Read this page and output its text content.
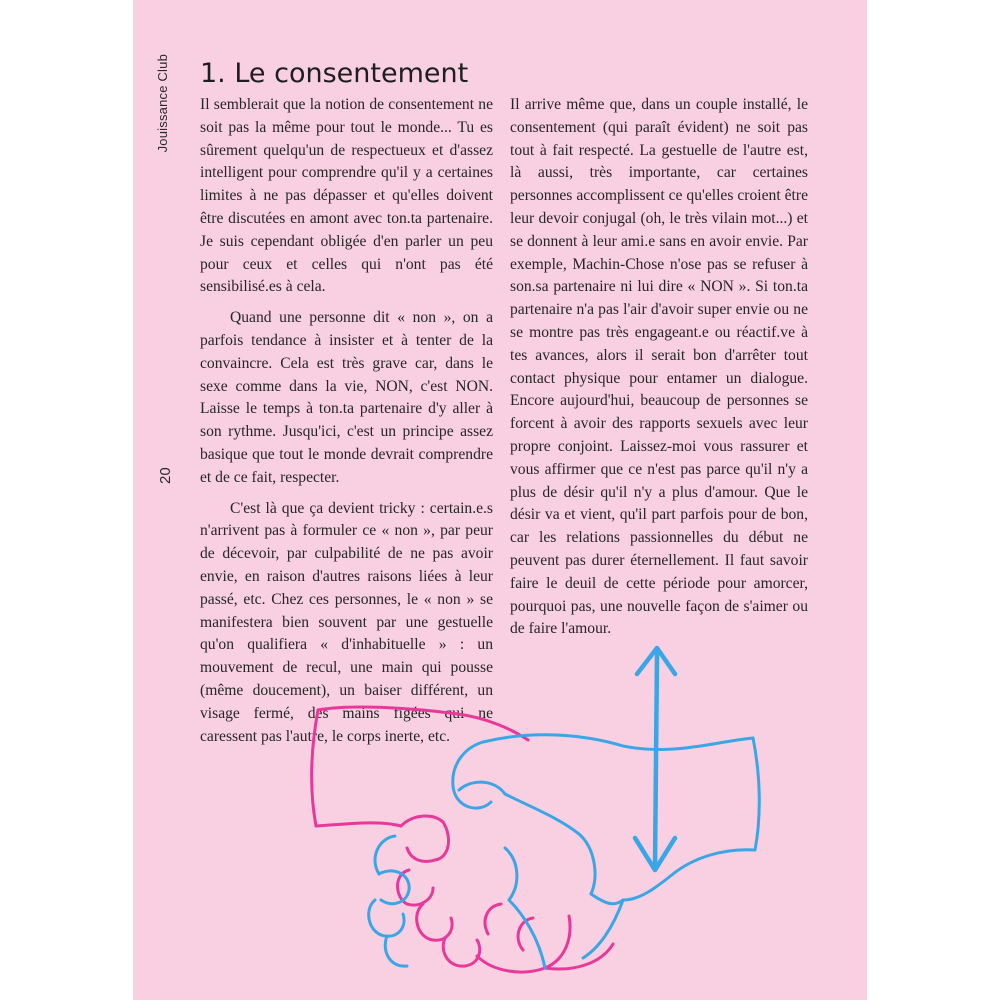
Jouissance Club
20
1. Le consentement

Il semblerait que la notion de consentement ne soit pas la même pour tout le monde... Tu es sûrement quelqu'un de respectueux et d'assez intelligent pour comprendre qu'il y a certaines limites à ne pas dépasser et qu'elles doivent être discutées en amont avec ton.ta partenaire. Je suis cependant obligée d'en parler un peu pour ceux et celles qui n'ont pas été sensibilisé.es à cela.

Quand une personne dit « non », on a parfois tendance à insister et à tenter de la convaincre. Cela est très grave car, dans le sexe comme dans la vie, NON, c'est NON. Laisse le temps à ton.ta partenaire d'y aller à son rythme. Jusqu'ici, c'est un principe assez basique que tout le monde devrait comprendre et de ce fait, respecter.

C'est là que ça devient tricky : certain.e.s n'arrivent pas à formuler ce « non », par peur de décevoir, par culpabilité de ne pas avoir envie, en raison d'autres raisons liées à leur passé, etc. Chez ces personnes, le « non » se manifestera bien souvent par une gestuelle qu'on qualifiera « d'inhabituelle » : un mouvement de recul, une main qui pousse (même doucement), un baiser différent, un visage fermé, des mains figées qui ne caressent pas l'autre, le corps inerte, etc.

Il arrive même que, dans un couple installé, le consentement (qui paraît évident) ne soit pas tout à fait respecté. La gestuelle de l'autre est, là aussi, très importante, car certaines personnes accomplissent ce qu'elles croient être leur devoir conjugal (oh, le très vilain mot...) et se donnent à leur ami.e sans en avoir envie. Par exemple, Machin-Chose n'ose pas se refuser à son.sa partenaire ni lui dire « NON ». Si ton.ta partenaire n'a pas l'air d'avoir super envie ou ne se montre pas très engageant.e ou réactif.ve à tes avances, alors il serait bon d'arrêter tout contact physique pour entamer un dialogue. Encore aujourd'hui, beaucoup de personnes se forcent à avoir des rapports sexuels avec leur propre conjoint. Laissez-moi vous rassurer et vous affirmer que ce n'est pas parce qu'il n'y a plus de désir qu'il n'y a plus d'amour. Que le désir va et vient, qu'il part parfois pour de bon, car les relations passionnelles du début ne peuvent pas durer éternellement. Il faut savoir faire le deuil de cette période pour amorcer, pourquoi pas, une nouvelle façon de s'aimer ou de faire l'amour.
